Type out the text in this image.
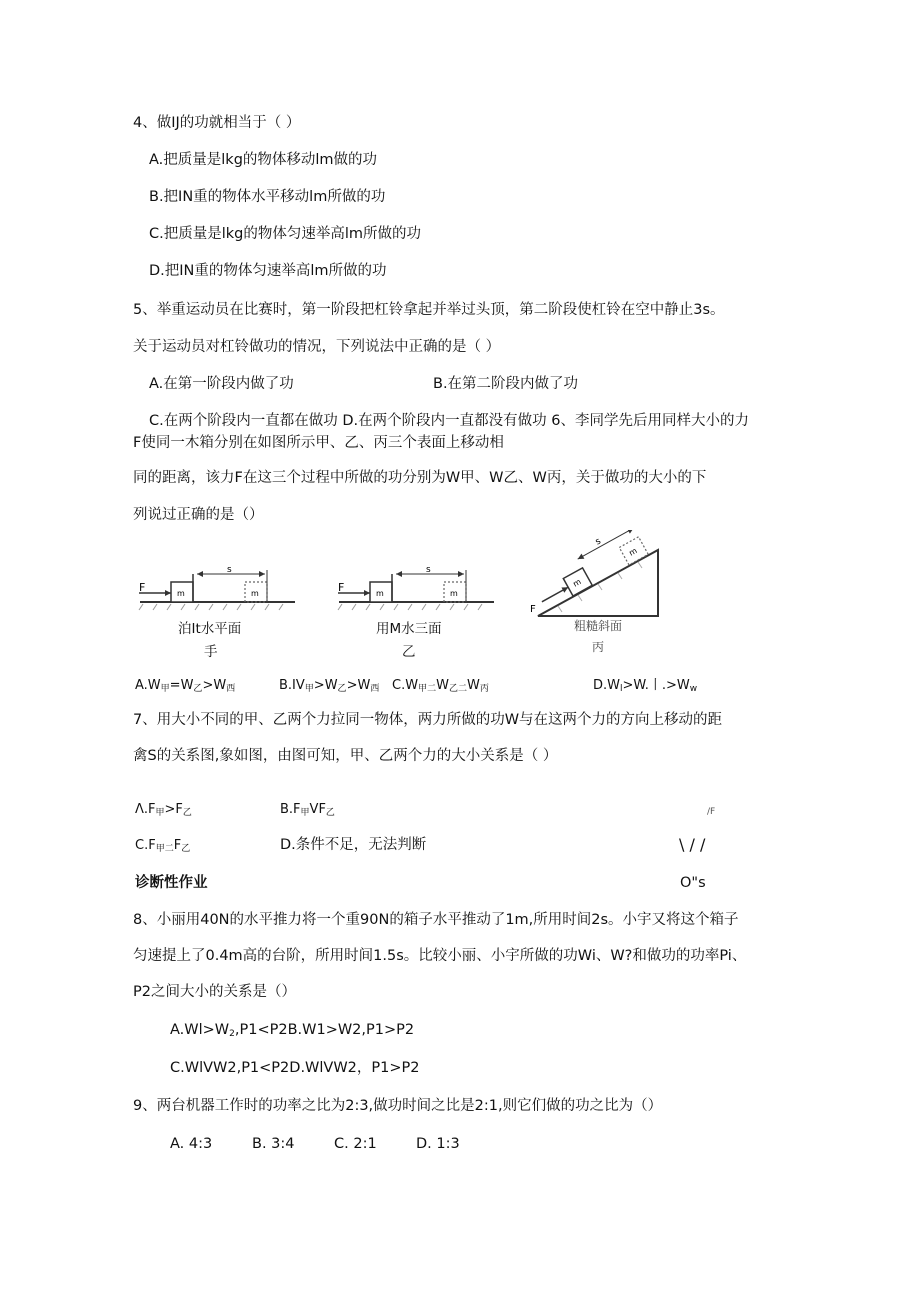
4、做IJ的功就相当于（ ）
A.把质量是lkg的物体移动lm做的功
B.把IN重的物体水平移动lm所做的功
C.把质量是lkg的物体匀速举高lm所做的功
D.把IN重的物体匀速举高lm所做的功
5、举重运动员在比赛时，第一阶段把杠铃拿起并举过头顶，第二阶段使杠铃在空中静止3s。
关于运动员对杠铃做功的情况，下列说法中正确的是（ ）
A.在第一阶段内做了功	B.在第二阶段内做了功
C.在两个阶段内一直都在做功 D.在两个阶段内一直都没有做功 6、李同学先后用同样大小的力
F使同一木箱分别在如图所示甲、乙、丙三个表面上移动相
同的距离，该力F在这三个过程中所做的功分别为W甲、W乙、W丙，关于做功的大小的下
列说过正确的是（）
F
s
m	m
泊It水平面
手
F
s
m	m
用M水三面
乙
m
m
s
F
粗糙斜面
丙
A.W甲=W乙>W西	B.IV甲>W乙>W西 C.W甲二W乙二W丙	D.Wl>W.丨.>Ww
7、用大小不同的甲、乙两个力拉同一物体，两力所做的功W与在这两个力的方向上移动的距
禽S的关系图,象如图，由图可知，甲、乙两个力的大小关系是（ ）
Λ.F甲>F乙	B.F甲VF乙	/F
C.F甲二F乙	D.条件不足，无法判断	\ / /
诊断性作业	O"s
8、小丽用40N的水平推力将一个重90N的箱子水平推动了1m,所用时间2s。小宇又将这个箱子
匀速提上了0.4m高的台阶，所用时间1.5s。比较小丽、小宇所做的功Wi、W?和做功的功率Pi、
P2之间大小的关系是（）
A.Wl>W2,P1<P2B.W1>W2,P1>P2
C.WlVW2,P1<P2D.WlVW2，P1>P2
9、两台机器工作时的功率之比为2:3,做功时间之比是2:1,则它们做的功之比为（）
A. 4:3	B. 3:4	C. 2:1	D. 1:3
